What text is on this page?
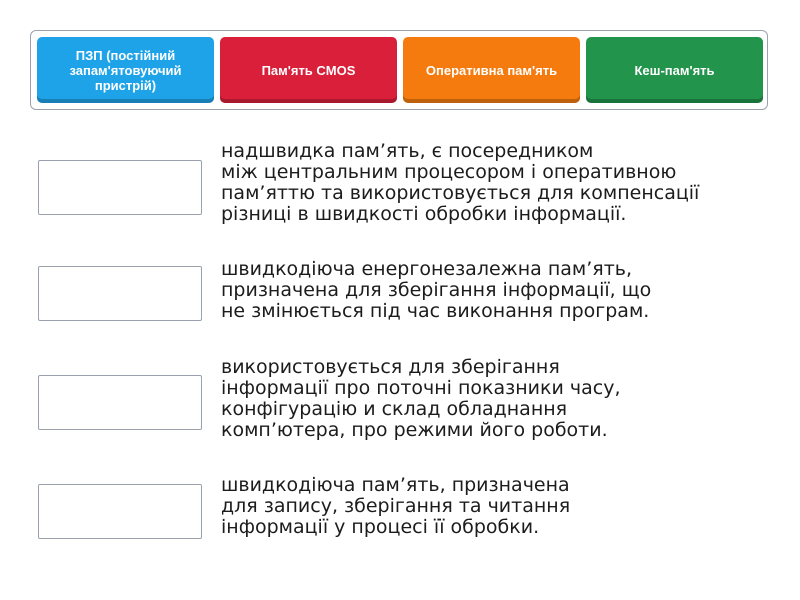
ПЗП (постійний запам'ятовуючий пристрій)
Пам'ять CMOS	Оперативна пам'ять	Кеш-пам'ять
надшвидка пам’ять, є посередником
між центральним процесором і оперативною
пам’яттю та використовується для компенсації
різниці в швидкості обробки інформації.
швидкодіюча енергонезалежна пам’ять,
призначена для зберігання інформації, що
не змінюється під час виконання програм.
використовується для зберігання
інформації про поточні показники часу,
конфігурацію и склад обладнання
комп’ютера, про режими його роботи.
швидкодіюча пам’ять, призначена
для запису, зберігання та читання
інформації у процесі її обробки.
